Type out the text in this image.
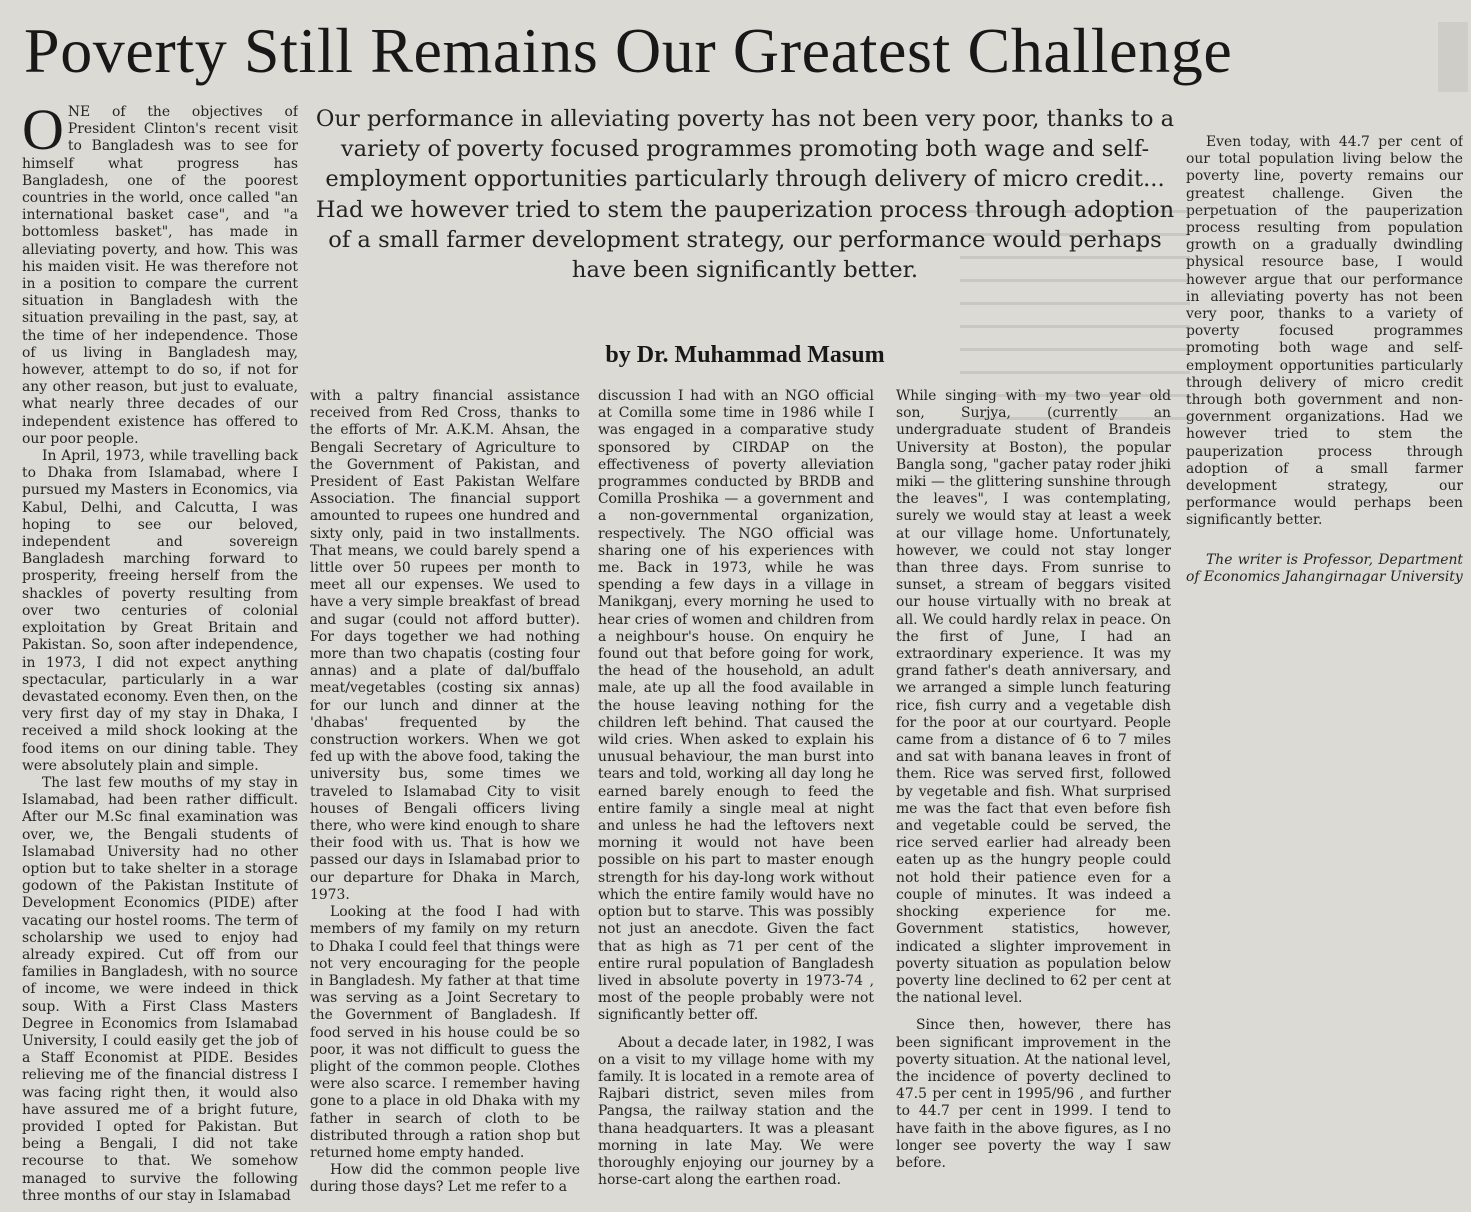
Poverty Still Remains Our Greatest Challenge

Our performance in alleviating poverty has not been very poor, thanks to a variety of poverty focused programmes promoting both wage and self-employment opportunities particularly through delivery of micro credit... Had we however tried to stem the pauperization process through adoption of a small farmer development strategy, our performance would perhaps have been significantly better.

by Dr. Muhammad Masum

ONE of the objectives of President Clinton's recent visit to Bangladesh was to see for himself what progress has Bangladesh, one of the poorest countries in the world, once called "an international basket case", and "a bottomless basket", has made in alleviating poverty, and how. This was his maiden visit. He was therefore not in a position to compare the current situation in Bangladesh with the situation prevailing in the past, say, at the time of her independence. Those of us living in Bangladesh may, however, attempt to do so, if not for any other reason, but just to evaluate, what nearly three decades of our independent existence has offered to our poor people.

In April, 1973, while travelling back to Dhaka from Islamabad, where I pursued my Masters in Economics, via Kabul, Delhi, and Calcutta, I was hoping to see our beloved, independent and sovereign Bangladesh marching forward to prosperity, freeing herself from the shackles of poverty resulting from over two centuries of colonial exploitation by Great Britain and Pakistan. So, soon after independence, in 1973, I did not expect anything spectacular, particularly in a war devastated economy. Even then, on the very first day of my stay in Dhaka, I received a mild shock looking at the food items on our dining table. They were absolutely plain and simple.

The last few mouths of my stay in Islamabad, had been rather difficult. After our M.Sc final examination was over, we, the Bengali students of Islamabad University had no other option but to take shelter in a storage godown of the Pakistan Institute of Development Economics (PIDE) after vacating our hostel rooms. The term of scholarship we used to enjoy had already expired. Cut off from our families in Bangladesh, with no source of income, we were indeed in thick soup. With a First Class Masters Degree in Economics from Islamabad University, I could easily get the job of a Staff Economist at PIDE. Besides relieving me of the financial distress I was facing right then, it would also have assured me of a bright future, provided I opted for Pakistan. But being a Bengali, I did not take recourse to that. We somehow managed to survive the following three months of our stay in Islamabad

with a paltry financial assistance received from Red Cross, thanks to the efforts of Mr. A.K.M. Ahsan, the Bengali Secretary of Agriculture to the Government of Pakistan, and President of East Pakistan Welfare Association. The financial support amounted to rupees one hundred and sixty only, paid in two installments. That means, we could barely spend a little over 50 rupees per month to meet all our expenses. We used to have a very simple breakfast of bread and sugar (could not afford butter). For days together we had nothing more than two chapatis (costing four annas) and a plate of dal/buffalo meat/vegetables (costing six annas) for our lunch and dinner at the 'dhabas' frequented by the construction workers. When we got fed up with the above food, taking the university bus, some times we traveled to Islamabad City to visit houses of Bengali officers living there, who were kind enough to share their food with us. That is how we passed our days in Islamabad prior to our departure for Dhaka in March, 1973.

Looking at the food I had with members of my family on my return to Dhaka I could feel that things were not very encouraging for the people in Bangladesh. My father at that time was serving as a Joint Secretary to the Government of Bangladesh. If food served in his house could be so poor, it was not difficult to guess the plight of the common people. Clothes were also scarce. I remember having gone to a place in old Dhaka with my father in search of cloth to be distributed through a ration shop but returned home empty handed.

How did the common people live during those days? Let me refer to a

discussion I had with an NGO official at Comilla some time in 1986 while I was engaged in a comparative study sponsored by CIRDAP on the effectiveness of poverty alleviation programmes conducted by BRDB and Comilla Proshika — a government and a non-governmental organization, respectively. The NGO official was sharing one of his experiences with me. Back in 1973, while he was spending a few days in a village in Manikganj, every morning he used to hear cries of women and children from a neighbour's house. On enquiry he found out that before going for work, the head of the household, an adult male, ate up all the food available in the house leaving nothing for the children left behind. That caused the wild cries. When asked to explain his unusual behaviour, the man burst into tears and told, working all day long he earned barely enough to feed the entire family a single meal at night and unless he had the leftovers next morning it would not have been possible on his part to master enough strength for his day-long work without which the entire family would have no option but to starve. This was possibly not just an anecdote. Given the fact that as high as 71 per cent of the entire rural population of Bangladesh lived in absolute poverty in 1973-74 , most of the people probably were not significantly better off.

About a decade later, in 1982, I was on a visit to my village home with my family. It is located in a remote area of Rajbari district, seven miles from Pangsa, the railway station and the thana headquarters. It was a pleasant morning in late May. We were thoroughly enjoying our journey by a horse-cart along the earthen road.

While singing with my two year old son, Surjya, (currently an undergraduate student of Brandeis University at Boston), the popular Bangla song, "gacher patay roder jhiki miki — the glittering sunshine through the leaves", I was contemplating, surely we would stay at least a week at our village home. Unfortunately, however, we could not stay longer than three days. From sunrise to sunset, a stream of beggars visited our house virtually with no break at all. We could hardly relax in peace. On the first of June, I had an extraordinary experience. It was my grand father's death anniversary, and we arranged a simple lunch featuring rice, fish curry and a vegetable dish for the poor at our courtyard. People came from a distance of 6 to 7 miles and sat with banana leaves in front of them. Rice was served first, followed by vegetable and fish. What surprised me was the fact that even before fish and vegetable could be served, the rice served earlier had already been eaten up as the hungry people could not hold their patience even for a couple of minutes. It was indeed a shocking experience for me. Government statistics, however, indicated a slighter improvement in poverty situation as population below poverty line declined to 62 per cent at the national level.

Since then, however, there has been significant improvement in the poverty situation. At the national level, the incidence of poverty declined to 47.5 per cent in 1995/96 , and further to 44.7 per cent in 1999. I tend to have faith in the above figures, as I no longer see poverty the way I saw before.

Even today, with 44.7 per cent of our total population living below the poverty line, poverty remains our greatest challenge. Given the perpetuation of the pauperization process resulting from population growth on a gradually dwindling physical resource base, I would however argue that our performance in alleviating poverty has not been very poor, thanks to a variety of poverty focused programmes promoting both wage and self-employment opportunities particularly through delivery of micro credit through both government and non-government organizations. Had we however tried to stem the pauperization process through adoption of a small farmer development strategy, our performance would perhaps been significantly better.

The writer is Professor, Department of Economics Jahangirnagar University
